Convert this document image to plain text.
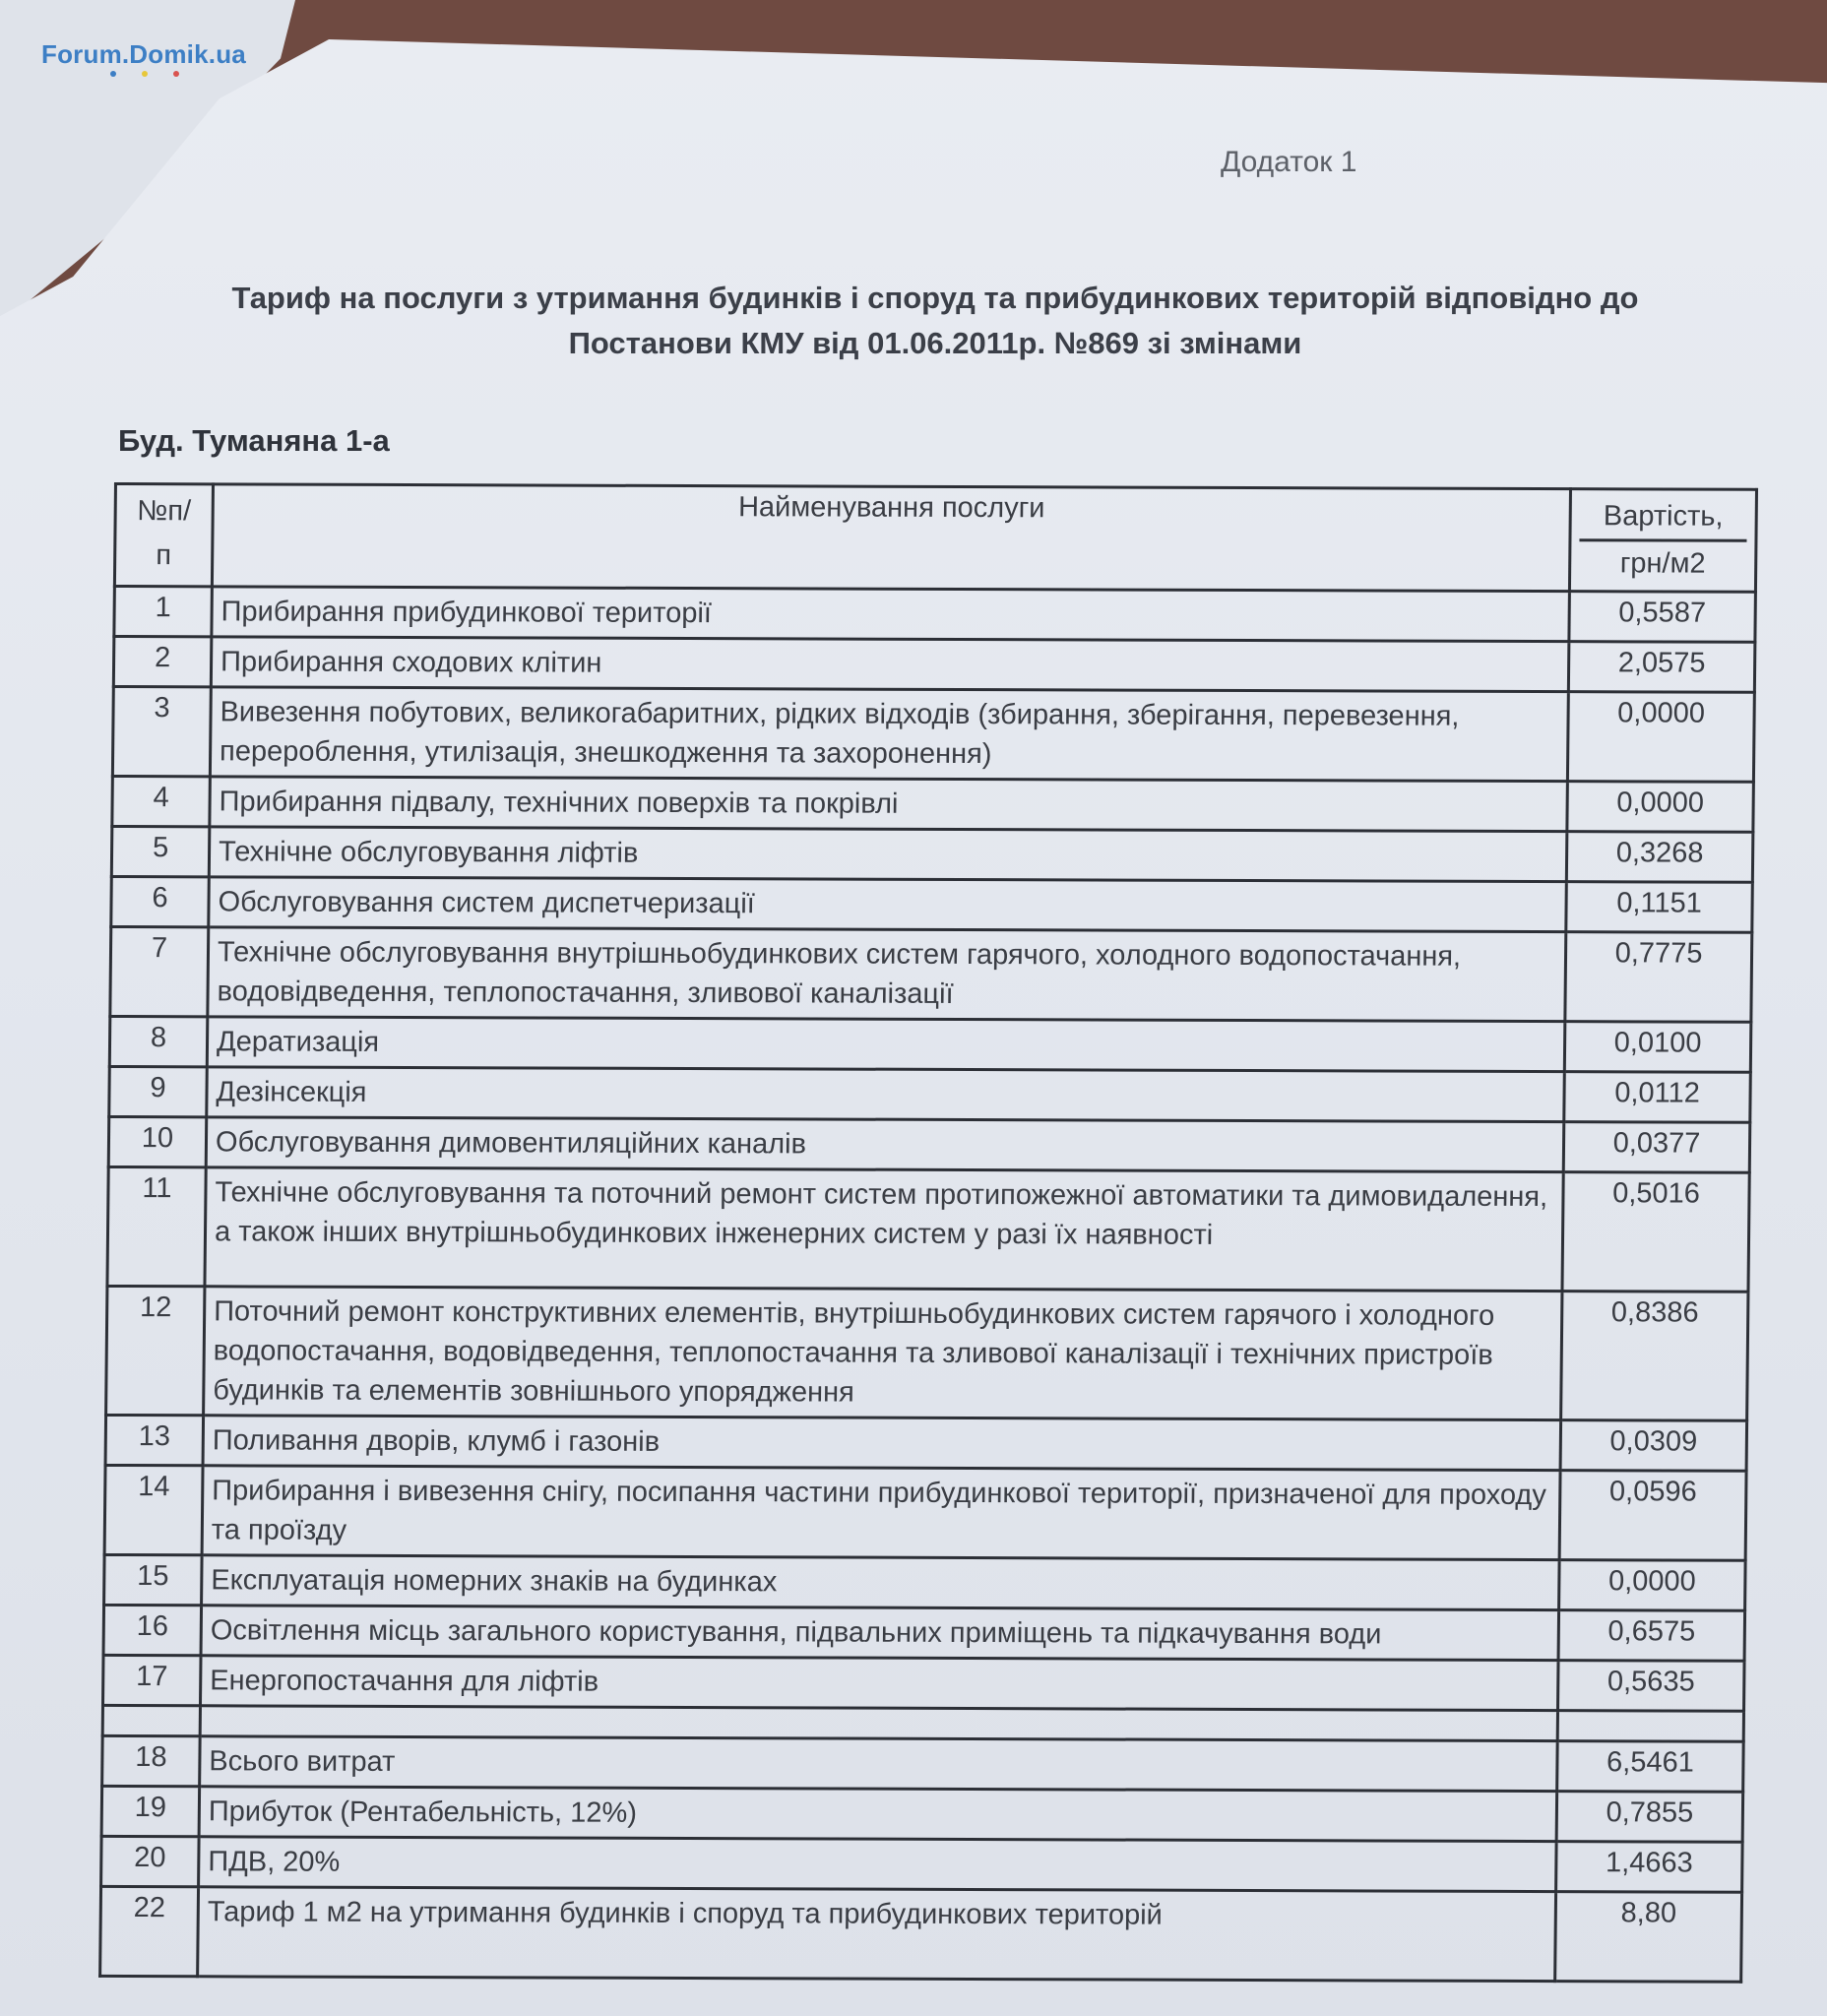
Forum.Domik.ua
Додаток 1
Тариф на послуги з утримання будинків і споруд та прибудинкових територій відповідно до
Постанови КМУ від 01.06.2011р. №869 зі змінами
Буд. Туманяна 1-а
№п/
п	Найменування послуги	Вартість,
грн/м2

1	Прибирання прибудинкової території	0,5587
2	Прибирання сходових клітин	2,0575
3	Вивезення побутових, великогабаритних, рідких відходів (збирання, зберігання, перевезення, перероблення, утилізація, знешкодження та захоронення)	0,0000
4	Прибирання підвалу, технічних поверхів та покрівлі	0,0000
5	Технічне обслуговування ліфтів	0,3268
6	Обслуговування систем диспетчеризації	0,1151
7	Технічне обслуговування внутрішньобудинкових систем гарячого, холодного водопостачання, водовідведення, теплопостачання, зливової каналізації	0,7775
8	Дератизація	0,0100
9	Дезінсекція	0,0112
10	Обслуговування димовентиляційних каналів	0,0377
11	Технічне обслуговування та поточний ремонт систем протипожежної автоматики та димовидалення, а також інших внутрішньобудинкових інженерних систем у разі їх наявності	0,5016
12	Поточний ремонт конструктивних елементів, внутрішньобудинкових систем гарячого і холодного водопостачання, водовідведення, теплопостачання та зливової каналізації і технічних пристроїв будинків та елементів зовнішнього упорядження	0,8386
13	Поливання дворів, клумб і газонів	0,0309
14	Прибирання і вивезення снігу, посипання частини прибудинкової території, призначеної для проходу та проїзду	0,0596
15	Експлуатація номерних знаків на будинках	0,0000
16	Освітлення місць загального користування, підвальних приміщень та підкачування води	0,6575
17	Енергопостачання для ліфтів	0,5635

18	Всього витрат	6,5461
19	Прибуток (Рентабельність, 12%)	0,7855
20	ПДВ, 20%	1,4663
22	Тариф 1 м2 на утримання будинків і споруд та прибудинкових територій	8,80
